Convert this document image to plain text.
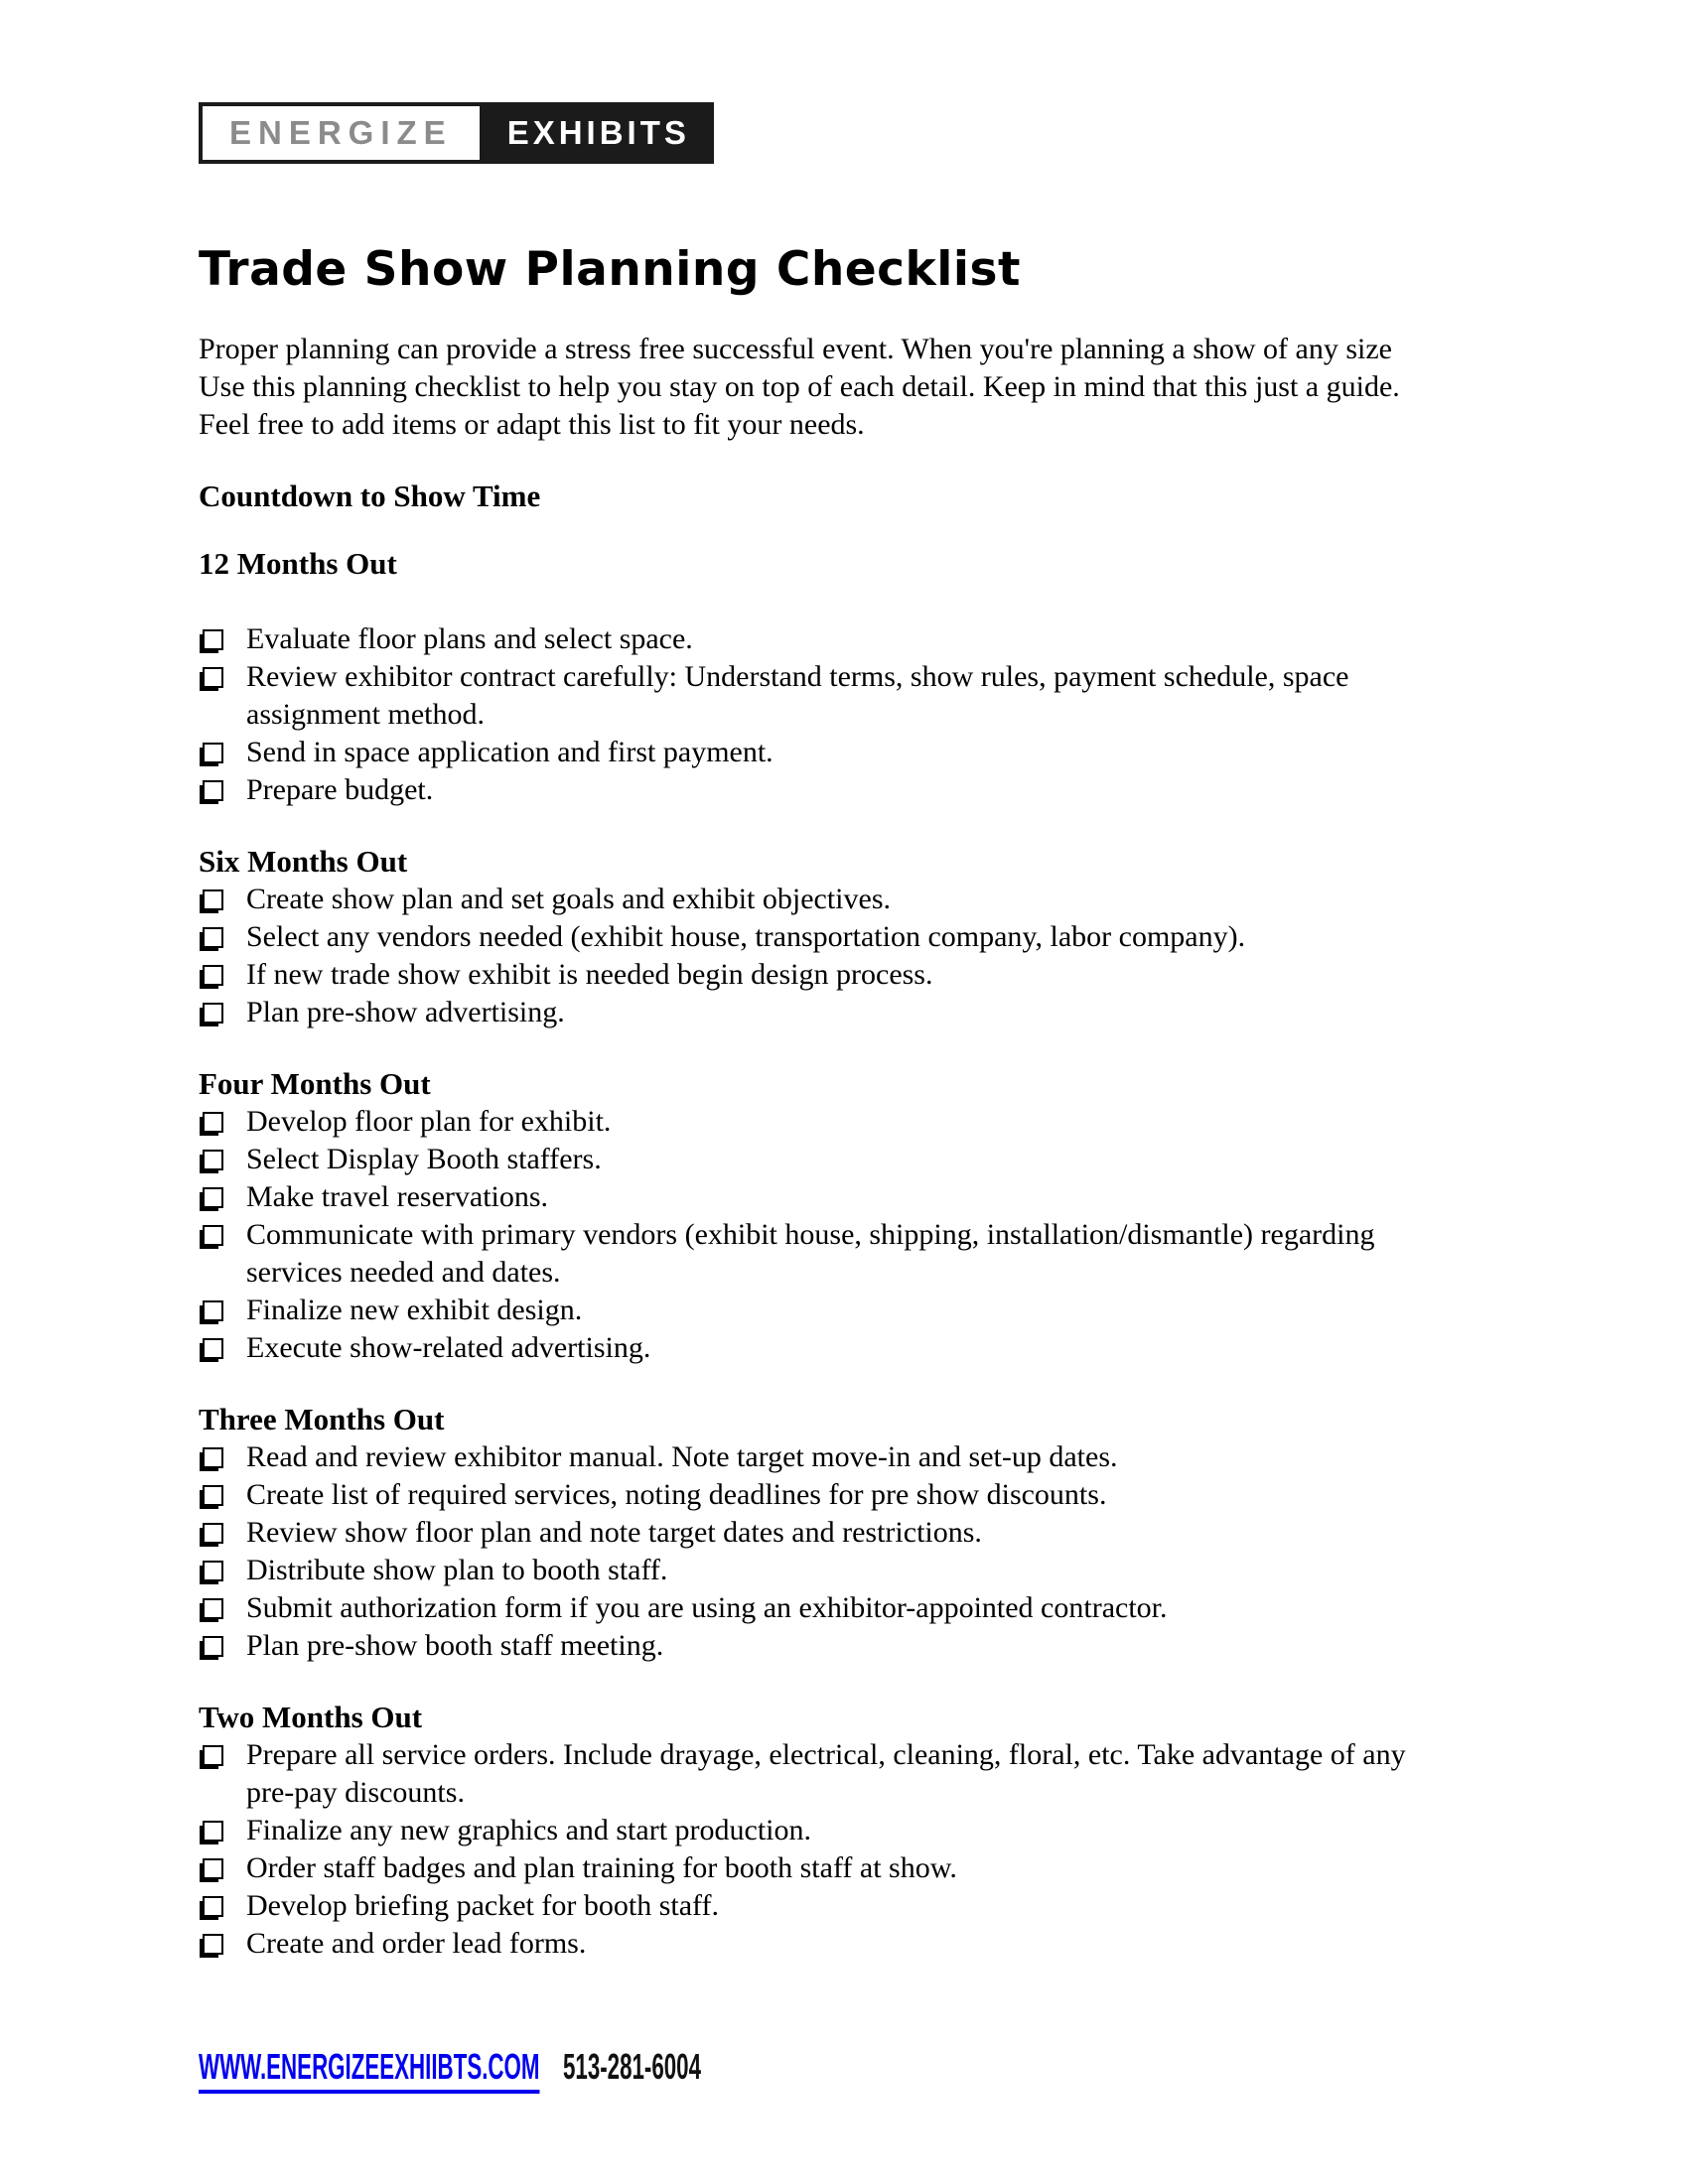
ENERGIZE EXHIBITS
Trade Show Planning Checklist

Proper planning can provide a stress free successful event. When you're planning a show of any size  Use this planning checklist to help you stay on top of each detail. Keep in mind that this just a guide. Feel free to add items or adapt this list to fit your needs.

Countdown to Show Time
12 Months Out
Evaluate floor plans and select space.
Review exhibitor contract carefully: Understand terms, show rules, payment schedule, space assignment method.
Send in space application and first payment.
Prepare budget.
Six Months Out
Create show plan and set goals and exhibit objectives.
Select any vendors needed (exhibit house, transportation company, labor company).
If new trade show exhibit is needed begin design process.
Plan pre-show advertising.
Four Months Out
Develop floor plan for exhibit.
Select Display Booth staffers.
Make travel reservations.
Communicate with primary vendors (exhibit house, shipping, installation/dismantle) regarding services needed and dates.
Finalize new exhibit design.
Execute show-related advertising.
Three Months Out
Read and review exhibitor manual. Note target move-in and set-up dates.
Create list of required services, noting deadlines for pre show discounts.
Review show floor plan and note target dates and restrictions.
Distribute show plan to booth staff.
Submit authorization form if you are using an exhibitor-appointed contractor.
Plan pre-show booth staff meeting.
Two Months Out
Prepare all service orders. Include drayage, electrical, cleaning, floral, etc. Take advantage of any pre-pay discounts.
Finalize any new graphics and start production.
Order staff badges and plan training for booth staff at show.
Develop briefing packet for booth staff.
Create and order lead forms.
WWW.ENERGIZEEXHIIBTS.COM 513-281-6004
